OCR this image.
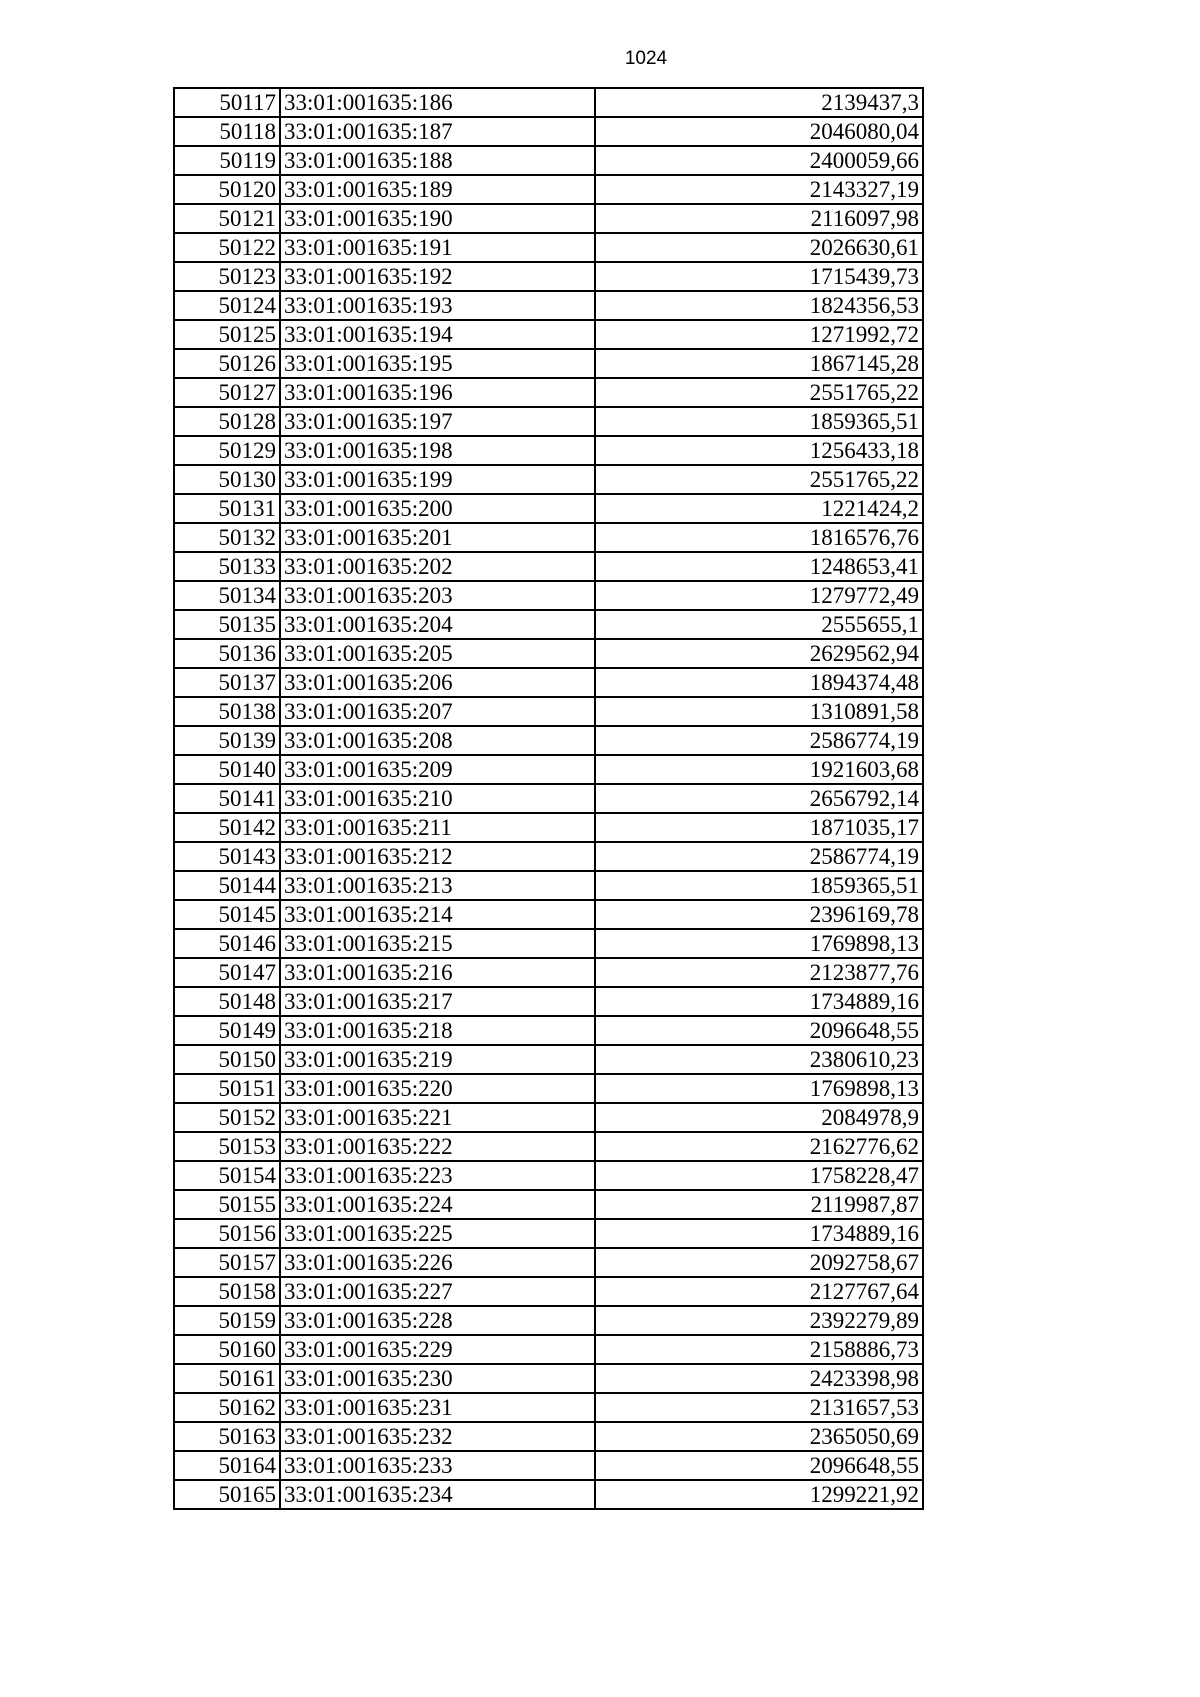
1024
50117	33:01:001635:186	2139437,3
50118	33:01:001635:187	2046080,04
50119	33:01:001635:188	2400059,66
50120	33:01:001635:189	2143327,19
50121	33:01:001635:190	2116097,98
50122	33:01:001635:191	2026630,61
50123	33:01:001635:192	1715439,73
50124	33:01:001635:193	1824356,53
50125	33:01:001635:194	1271992,72
50126	33:01:001635:195	1867145,28
50127	33:01:001635:196	2551765,22
50128	33:01:001635:197	1859365,51
50129	33:01:001635:198	1256433,18
50130	33:01:001635:199	2551765,22
50131	33:01:001635:200	1221424,2
50132	33:01:001635:201	1816576,76
50133	33:01:001635:202	1248653,41
50134	33:01:001635:203	1279772,49
50135	33:01:001635:204	2555655,1
50136	33:01:001635:205	2629562,94
50137	33:01:001635:206	1894374,48
50138	33:01:001635:207	1310891,58
50139	33:01:001635:208	2586774,19
50140	33:01:001635:209	1921603,68
50141	33:01:001635:210	2656792,14
50142	33:01:001635:211	1871035,17
50143	33:01:001635:212	2586774,19
50144	33:01:001635:213	1859365,51
50145	33:01:001635:214	2396169,78
50146	33:01:001635:215	1769898,13
50147	33:01:001635:216	2123877,76
50148	33:01:001635:217	1734889,16
50149	33:01:001635:218	2096648,55
50150	33:01:001635:219	2380610,23
50151	33:01:001635:220	1769898,13
50152	33:01:001635:221	2084978,9
50153	33:01:001635:222	2162776,62
50154	33:01:001635:223	1758228,47
50155	33:01:001635:224	2119987,87
50156	33:01:001635:225	1734889,16
50157	33:01:001635:226	2092758,67
50158	33:01:001635:227	2127767,64
50159	33:01:001635:228	2392279,89
50160	33:01:001635:229	2158886,73
50161	33:01:001635:230	2423398,98
50162	33:01:001635:231	2131657,53
50163	33:01:001635:232	2365050,69
50164	33:01:001635:233	2096648,55
50165	33:01:001635:234	1299221,92
